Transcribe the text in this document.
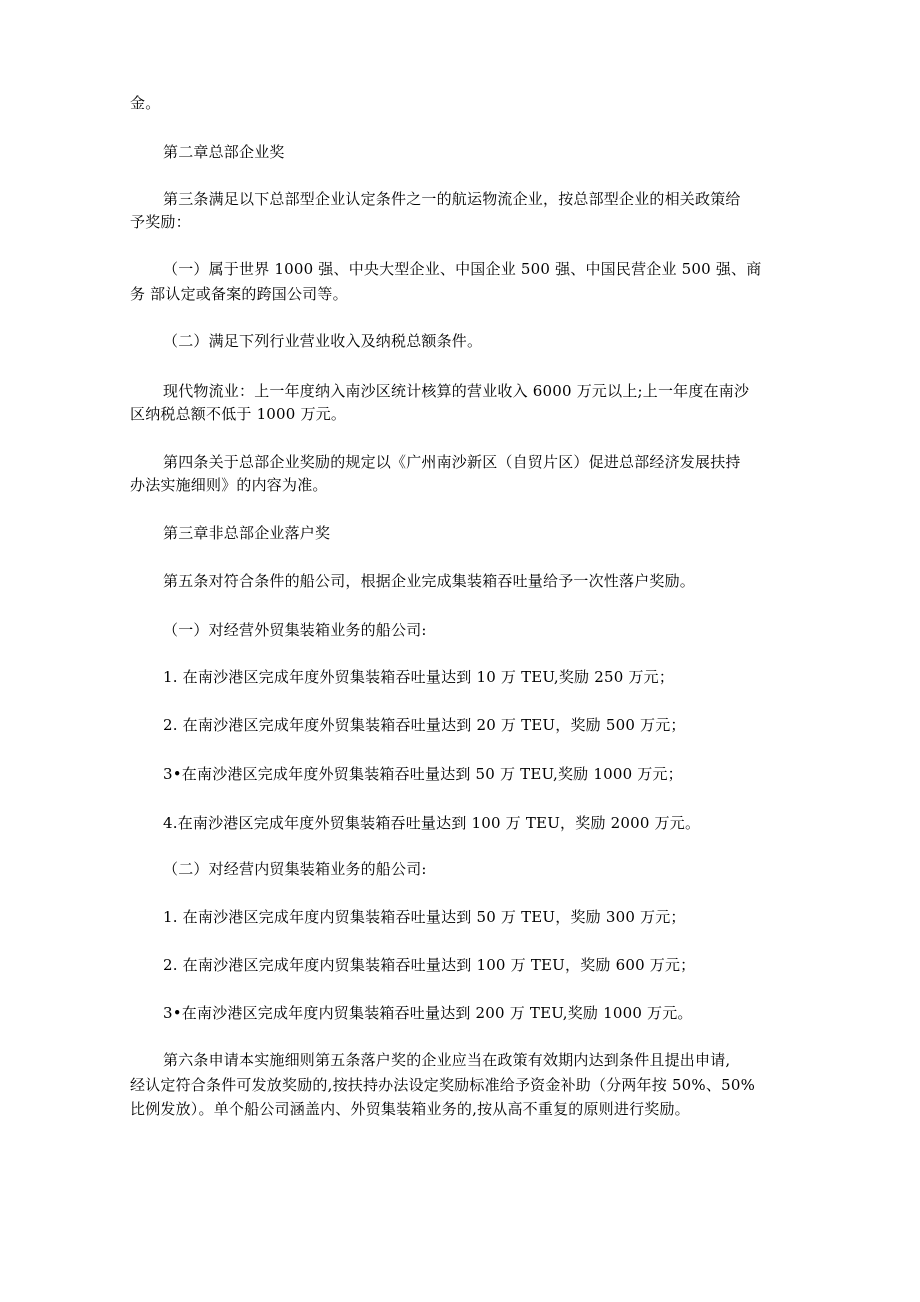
金。
第二章总部企业奖
第三条满足以下总部型企业认定条件之一的航运物流企业，按总部型企业的相关政策给
予奖励：
（一）属于世界 1000 强、中央大型企业、中国企业 500 强、中国民营企业 500 强、商
务 部认定或备案的跨国公司等。
（二）满足下列行业营业收入及纳税总额条件。
现代物流业：上一年度纳入南沙区统计核算的营业收入 6000 万元以上;上一年度在南沙
区纳税总额不低于 1000 万元。
第四条关于总部企业奖励的规定以《广州南沙新区（自贸片区）促进总部经济发展扶持
办法实施细则》的内容为准。
第三章非总部企业落户奖
第五条对符合条件的船公司，根据企业完成集装箱吞吐量给予一次性落户奖励。
（一）对经营外贸集装箱业务的船公司:
1. 在南沙港区完成年度外贸集装箱吞吐量达到 10 万 TEU,奖励 250 万元；
2. 在南沙港区完成年度外贸集装箱吞吐量达到 20 万 TEU，奖励 500 万元；
3•在南沙港区完成年度外贸集装箱吞吐量达到 50 万 TEU,奖励 1000 万元；
4.在南沙港区完成年度外贸集装箱吞吐量达到 100 万 TEU，奖励 2000 万元。
（二）对经营内贸集装箱业务的船公司:
1. 在南沙港区完成年度内贸集装箱吞吐量达到 50 万 TEU，奖励 300 万元；
2. 在南沙港区完成年度内贸集装箱吞吐量达到 100 万 TEU，奖励 600 万元；
3•在南沙港区完成年度内贸集装箱吞吐量达到 200 万 TEU,奖励 1000 万元。
第六条申请本实施细则第五条落户奖的企业应当在政策有效期内达到条件且提出申请,
经认定符合条件可发放奖励的,按扶持办法设定奖励标准给予资金补助（分两年按 50%、50%
比例发放）。单个船公司涵盖内、外贸集装箱业务的,按从高不重复的原则进行奖励。
